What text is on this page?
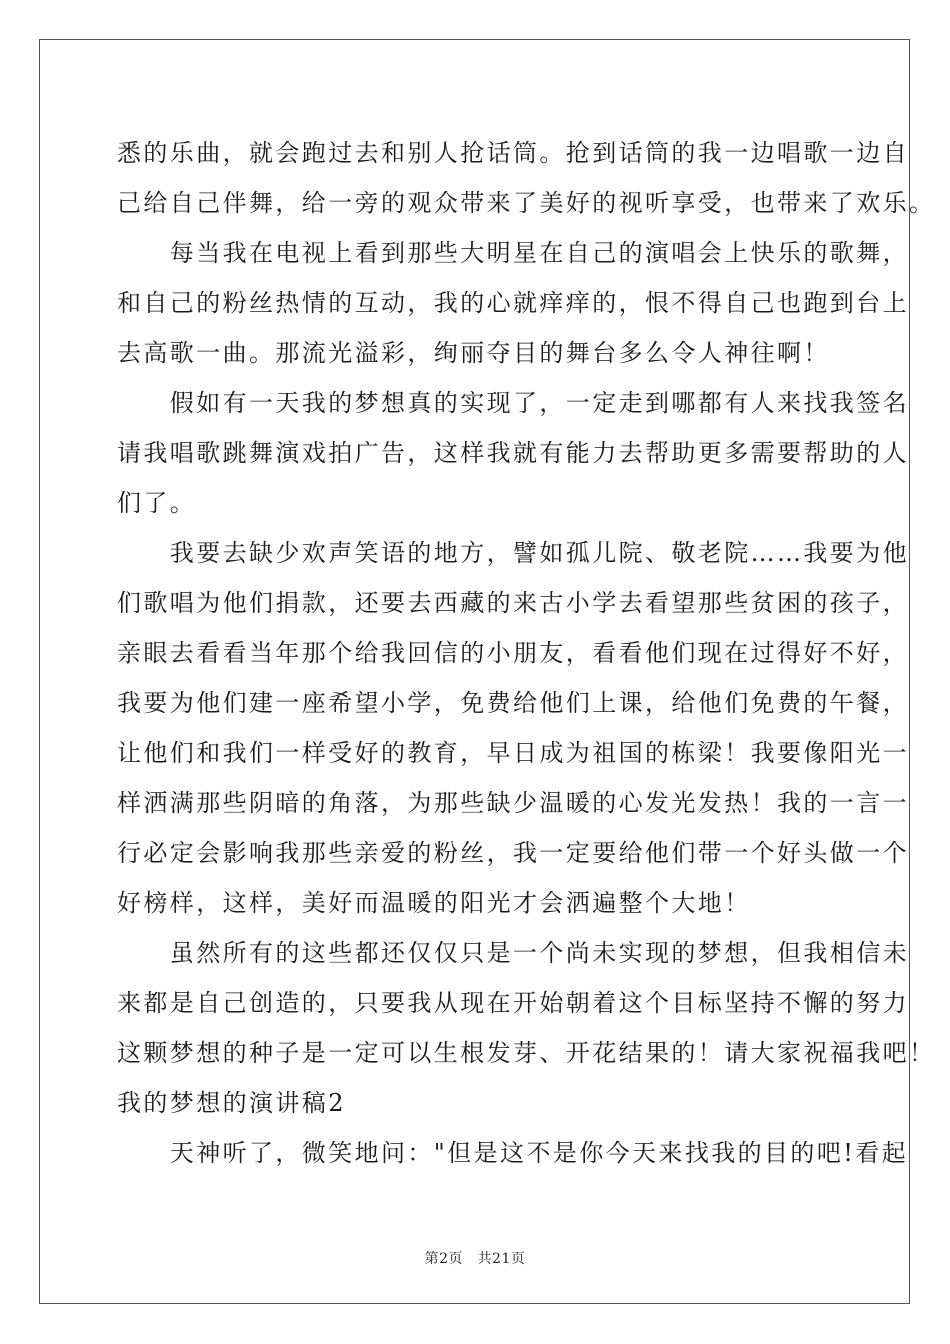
悉的乐曲，就会跑过去和别人抢话筒。抢到话筒的我一边唱歌一边自
己给自己伴舞，给一旁的观众带来了美好的视听享受，也带来了欢乐。
　　每当我在电视上看到那些大明星在自己的演唱会上快乐的歌舞，
和自己的粉丝热情的互动，我的心就痒痒的，恨不得自己也跑到台上
去高歌一曲。那流光溢彩，绚丽夺目的舞台多么令人神往啊！
　　假如有一天我的梦想真的实现了，一定走到哪都有人来找我签名
请我唱歌跳舞演戏拍广告，这样我就有能力去帮助更多需要帮助的人
们了。
　　我要去缺少欢声笑语的地方，譬如孤儿院、敬老院……我要为他
们歌唱为他们捐款，还要去西藏的来古小学去看望那些贫困的孩子，
亲眼去看看当年那个给我回信的小朋友，看看他们现在过得好不好，
我要为他们建一座希望小学，免费给他们上课，给他们免费的午餐，
让他们和我们一样受好的教育，早日成为祖国的栋梁！我要像阳光一
样洒满那些阴暗的角落，为那些缺少温暖的心发光发热！我的一言一
行必定会影响我那些亲爱的粉丝，我一定要给他们带一个好头做一个
好榜样，这样，美好而温暖的阳光才会洒遍整个大地！
　　虽然所有的这些都还仅仅只是一个尚未实现的梦想，但我相信未
来都是自己创造的，只要我从现在开始朝着这个目标坚持不懈的努力
这颗梦想的种子是一定可以生根发芽、开花结果的！请大家祝福我吧！
我的梦想的演讲稿2
　　天神听了，微笑地问："但是这不是你今天来找我的目的吧!看起
第2页　共21页
